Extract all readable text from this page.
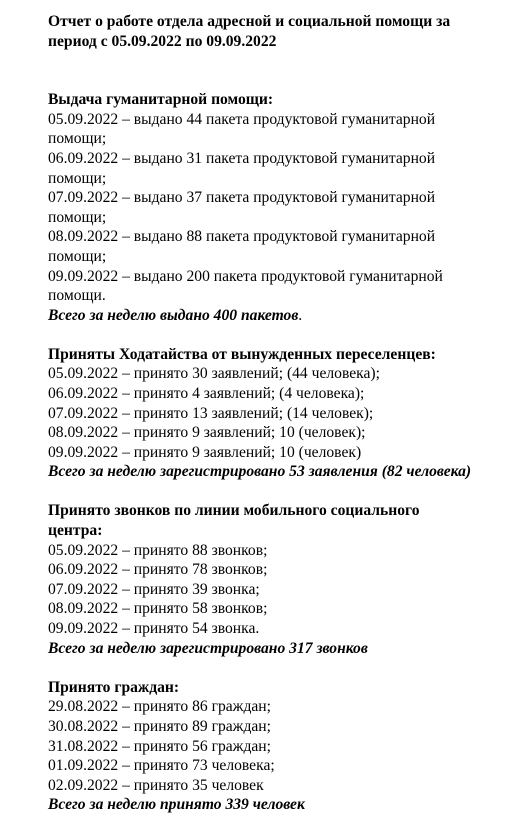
Отчет о работе отдела адресной и социальной помощи за
период с 05.09.2022 по 09.09.2022
Выдача гуманитарной помощи:
05.09.2022 – выдано 44 пакета продуктовой гуманитарной
помощи;
06.09.2022 – выдано 31 пакета продуктовой гуманитарной
помощи;
07.09.2022 – выдано 37 пакета продуктовой гуманитарной
помощи;
08.09.2022 – выдано 88 пакета продуктовой гуманитарной
помощи;
09.09.2022 – выдано 200 пакета продуктовой гуманитарной
помощи.
Всего за неделю выдано 400 пакетов.
Приняты Ходатайства от вынужденных переселенцев:
05.09.2022 – принято 30 заявлений; (44 человека);
06.09.2022 – принято 4 заявлений; (4 человека);
07.09.2022 – принято 13 заявлений; (14 человек);
08.09.2022 – принято 9 заявлений; 10 (человек);
09.09.2022 – принято 9 заявлений; 10 (человек)
Всего за неделю зарегистрировано 53 заявления (82 человека)
Принято звонков по линии мобильного социального
центра:
05.09.2022 – принято 88 звонков;
06.09.2022 – принято 78 звонков;
07.09.2022 – принято 39 звонка;
08.09.2022 – принято 58 звонков;
09.09.2022 – принято 54 звонка.
Всего за неделю зарегистрировано 317 звонков
Принято граждан:
29.08.2022 – принято 86 граждан;
30.08.2022 – принято 89 граждан;
31.08.2022 – принято 56 граждан;
01.09.2022 – принято 73 человека;
02.09.2022 – принято 35 человек
Всего за неделю принято 339 человек
